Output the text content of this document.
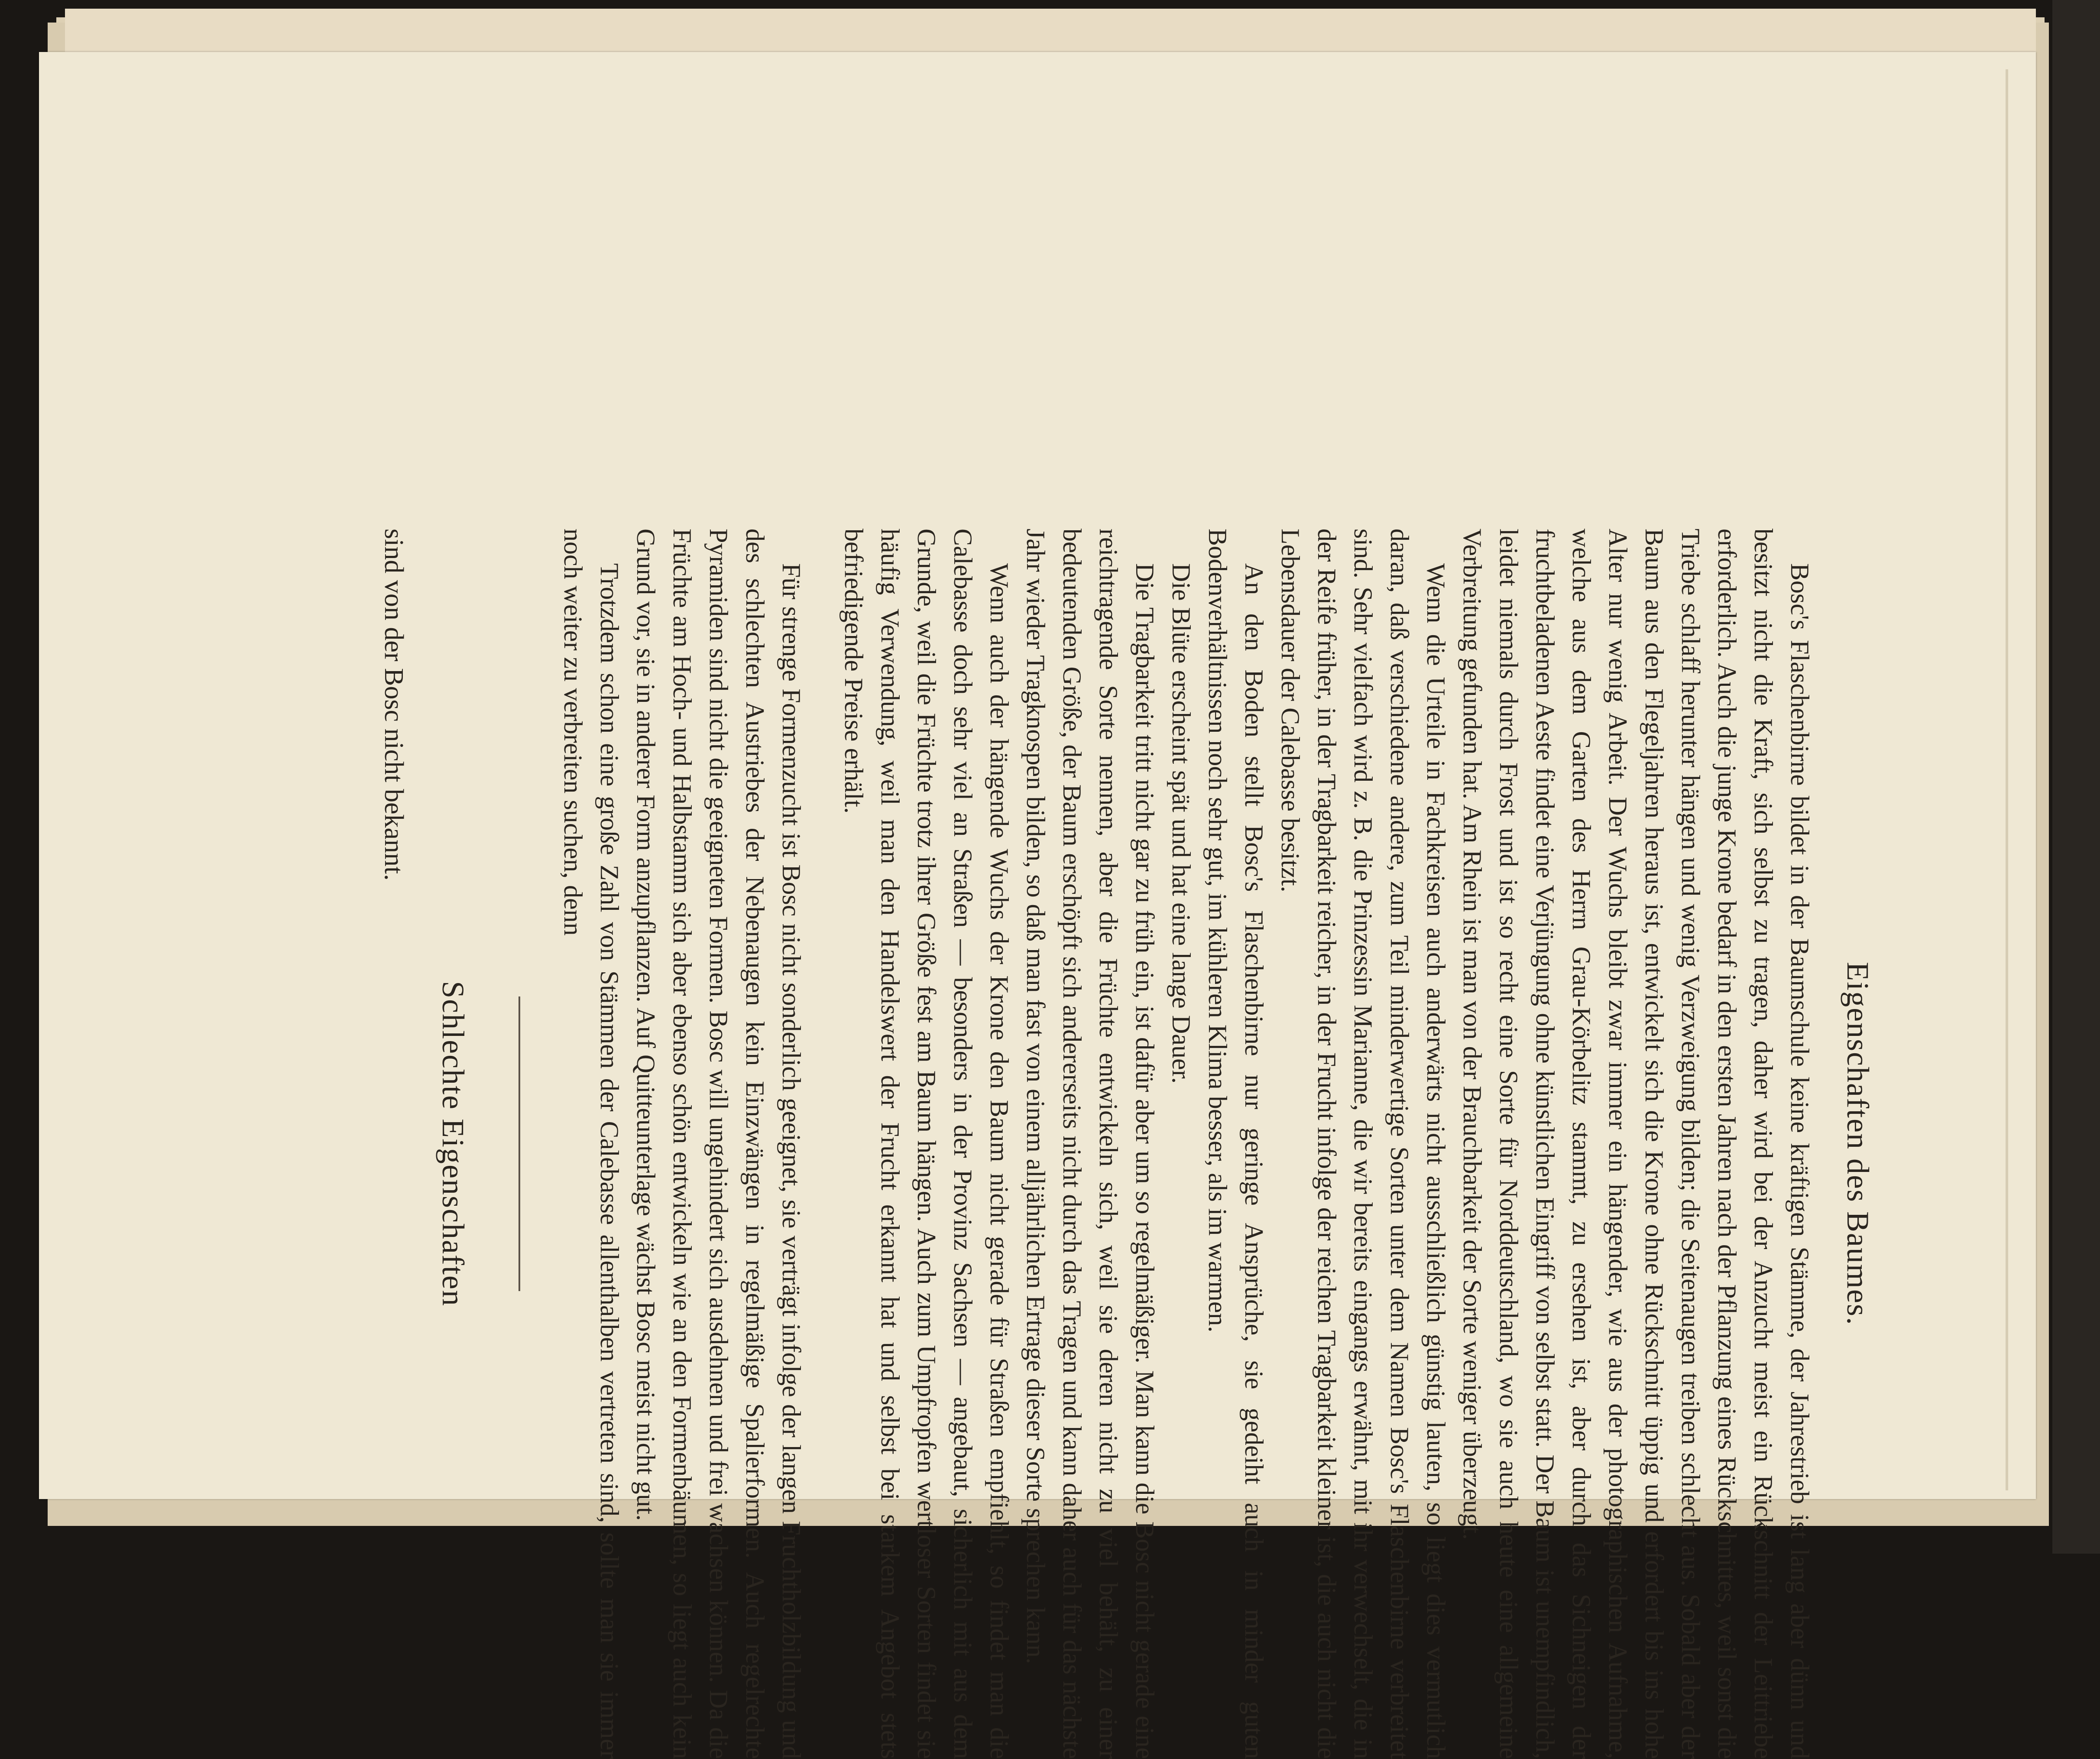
Eigenschaften des Baumes.

Bosc's Flaschenbirne bildet in der Baumschule keine kräftigen Stämme, der Jahrestrieb ist lang aber dünn und besitzt nicht die Kraft, sich selbst zu tragen, daher wird bei der Anzucht meist ein Rückschnitt der Leittriebe erforderlich. Auch die junge Krone bedarf in den ersten Jahren nach der Pflanzung eines Rückschnittes, weil sonst die Triebe schlaff herunter hängen und wenig Verzweigung bilden; die Seitenaugen treiben schlecht aus. Sobald aber der Baum aus den Flegeljahren heraus ist, entwickelt sich die Krone ohne Rückschnitt üppig und erfordert bis ins hohe Alter nur wenig Arbeit. Der Wuchs bleibt zwar immer ein hängender, wie aus der photographischen Aufnahme, welche aus dem Garten des Herrn Grau-Körbelitz stammt, zu ersehen ist, aber durch das Sichneigen der fruchtbeladenen Aeste findet eine Verjüngung ohne künstlichen Eingriff von selbst statt. Der Baum ist unempfindlich, leidet niemals durch Frost und ist so recht eine Sorte für Norddeutschland, wo sie auch heute eine allgemeine Verbreitung gefunden hat. Am Rhein ist man von der Brauchbarkeit der Sorte weniger überzeugt.

Wenn die Urteile in Fachkreisen auch anderwärts nicht ausschließlich günstig lauten, so liegt dies vermutlich daran, daß verschiedene andere, zum Teil minderwertige Sorten unter dem Namen Bosc's Flaschenbirne verbreitet sind. Sehr vielfach wird z. B. die Prinzessin Marianne, die wir bereits eingangs erwähnt, mit ihr verwechselt, die in der Reife früher, in der Tragbarkeit reicher, in der Frucht infolge der reichen Tragbarkeit kleiner ist, die auch nicht die Lebensdauer der Calebasse besitzt.

An den Boden stellt Bosc's Flaschenbirne nur geringe Ansprüche, sie gedeiht auch in minder guten Bodenverhältnissen noch sehr gut, im kühleren Klima besser, als im warmen.

Die Blüte erscheint spät und hat eine lange Dauer.

Die Tragbarkeit tritt nicht gar zu früh ein, ist dafür aber um so regelmäßiger. Man kann die Bosc nicht gerade eine reichtragende Sorte nennen, aber die Früchte entwickeln sich, weil sie deren nicht zu viel behält, zu einer bedeutenden Größe, der Baum erschöpft sich andererseits nicht durch das Tragen und kann daher auch für das nächste Jahr wieder Tragknospen bilden, so daß man fast von einem alljährlichen Ertrage dieser Sorte sprechen kann.

Wenn auch der hängende Wuchs der Krone den Baum nicht gerade für Straßen empfiehlt, so findet man die Calebasse doch sehr viel an Straßen — besonders in der Provinz Sachsen — angebaut, sicherlich mit aus dem Grunde, weil die Früchte trotz ihrer Größe fest am Baum hängen. Auch zum Umpfropfen wertloser Sorten findet sie häufig Verwendung, weil man den Handelswert der Frucht erkannt hat und selbst bei starkem Angebot stets befriedigende Preise erhält.

Für strenge Formenzucht ist Bosc nicht sonderlich geeignet, sie verträgt infolge der langen Fruchtholzbildung und des schlechten Austriebes der Nebenaugen kein Einzwängen in regelmäßige Spalierformen. Auch regelrechte Pyramiden sind nicht die geeigneten Formen. Bosc will ungehindert sich ausdehnen und frei wachsen können. Da die Früchte am Hoch- und Halbstamm sich aber ebenso schön entwickeln wie an den Formenbäumen, so liegt auch kein Grund vor, sie in anderer Form anzupflanzen. Auf Quitteunterlage wächst Bosc meist nicht gut.

Trotzdem schon eine große Zahl von Stämmen der Calebasse allenthalben vertreten sind, sollte man sie immer noch weiter zu verbreiten suchen, denn

Schlechte Eigenschaften

sind von der Bosc nicht bekannt.
